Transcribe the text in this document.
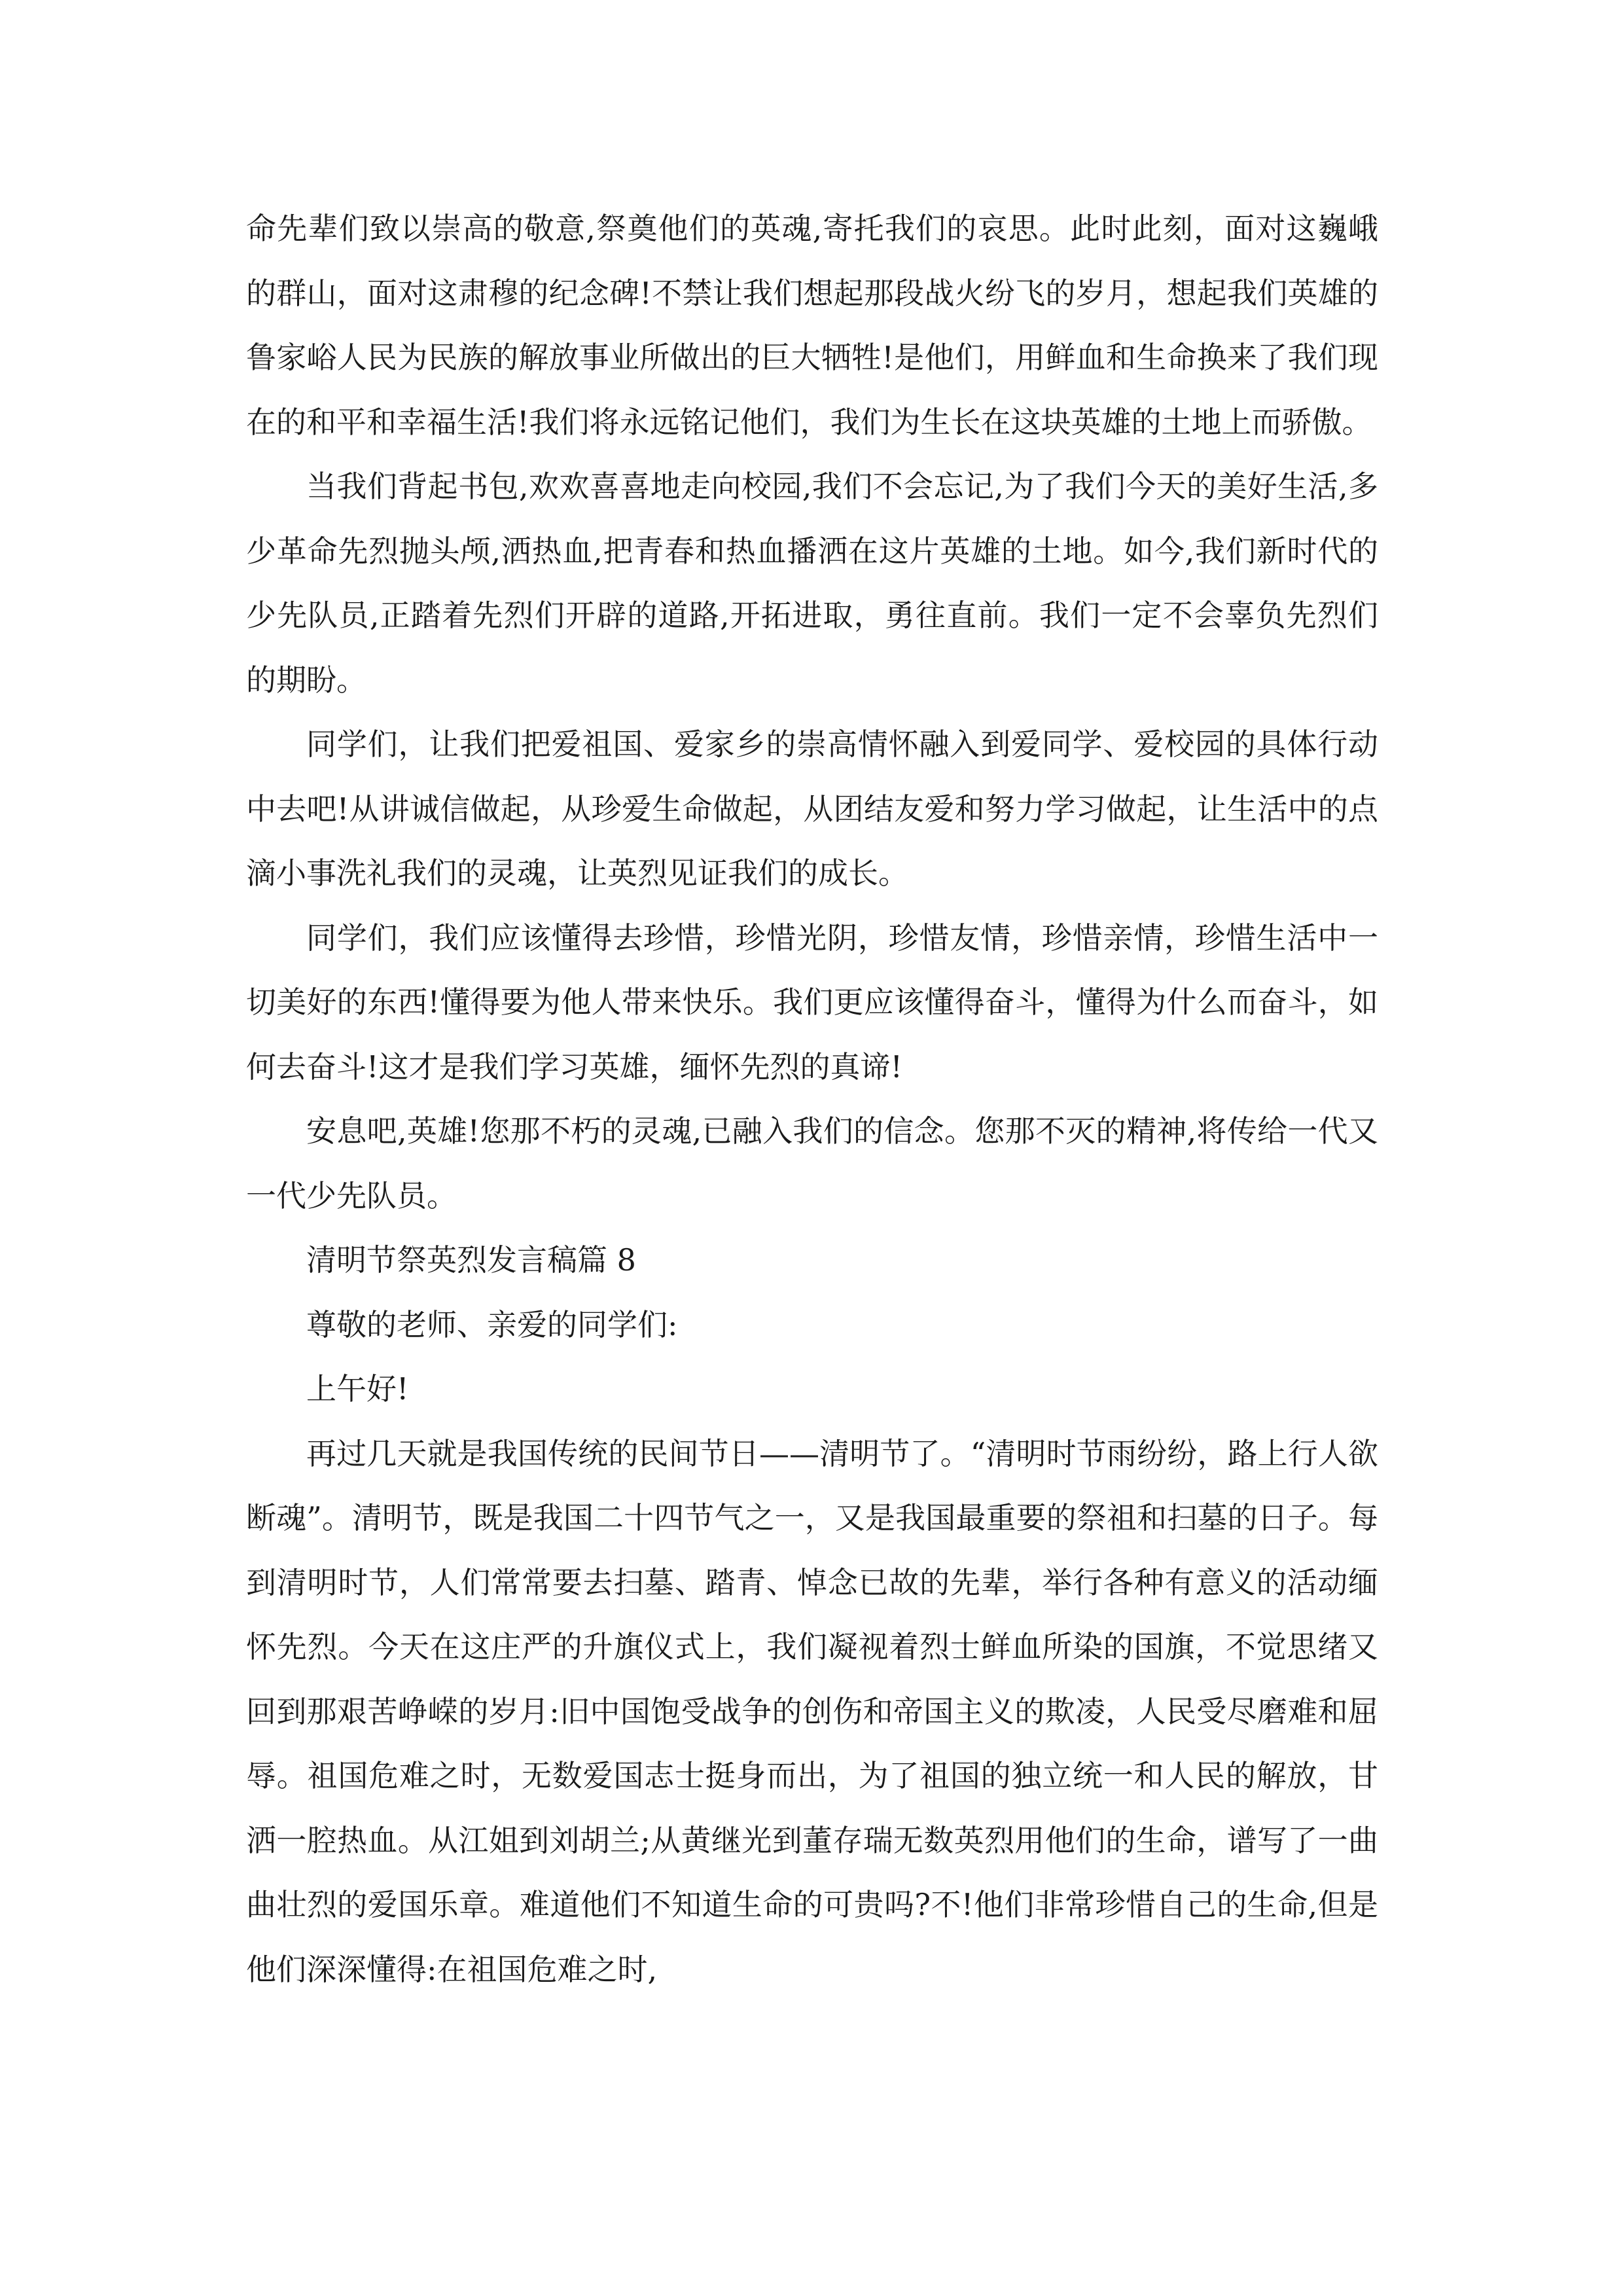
命先辈们致以崇高的敬意,祭奠他们的英魂,寄托我们的哀思。此时此刻，面对这巍峨的群山，面对这肃穆的纪念碑!不禁让我们想起那段战火纷飞的岁月，想起我们英雄的鲁家峪人民为民族的解放事业所做出的巨大牺牲!是他们，用鲜血和生命换来了我们现在的和平和幸福生活!我们将永远铭记他们，我们为生长在这块英雄的土地上而骄傲。

当我们背起书包,欢欢喜喜地走向校园,我们不会忘记,为了我们今天的美好生活,多少革命先烈抛头颅,洒热血,把青春和热血播洒在这片英雄的土地。如今,我们新时代的少先队员,正踏着先烈们开辟的道路,开拓进取，勇往直前。我们一定不会辜负先烈们的期盼。

同学们，让我们把爱祖国、爱家乡的崇高情怀融入到爱同学、爱校园的具体行动中去吧!从讲诚信做起，从珍爱生命做起，从团结友爱和努力学习做起，让生活中的点滴小事洗礼我们的灵魂，让英烈见证我们的成长。

同学们，我们应该懂得去珍惜，珍惜光阴，珍惜友情，珍惜亲情，珍惜生活中一切美好的东西!懂得要为他人带来快乐。我们更应该懂得奋斗，懂得为什么而奋斗，如何去奋斗!这才是我们学习英雄，缅怀先烈的真谛!

安息吧,英雄!您那不朽的灵魂,已融入我们的信念。您那不灭的精神,将传给一代又一代少先队员。

清明节祭英烈发言稿篇 8

尊敬的老师、亲爱的同学们:

上午好!

再过几天就是我国传统的民间节日——清明节了。“清明时节雨纷纷，路上行人欲断魂”。清明节，既是我国二十四节气之一，又是我国最重要的祭祖和扫墓的日子。每到清明时节，人们常常要去扫墓、踏青、悼念已故的先辈，举行各种有意义的活动缅怀先烈。今天在这庄严的升旗仪式上，我们凝视着烈士鲜血所染的国旗，不觉思绪又回到那艰苦峥嵘的岁月:旧中国饱受战争的创伤和帝国主义的欺凌，人民受尽磨难和屈辱。祖国危难之时，无数爱国志士挺身而出，为了祖国的独立统一和人民的解放，甘洒一腔热血。从江姐到刘胡兰;从黄继光到董存瑞无数英烈用他们的生命，谱写了一曲曲壮烈的爱国乐章。难道他们不知道生命的可贵吗?不!他们非常珍惜自己的生命,但是他们深深懂得:在祖国危难之时,
